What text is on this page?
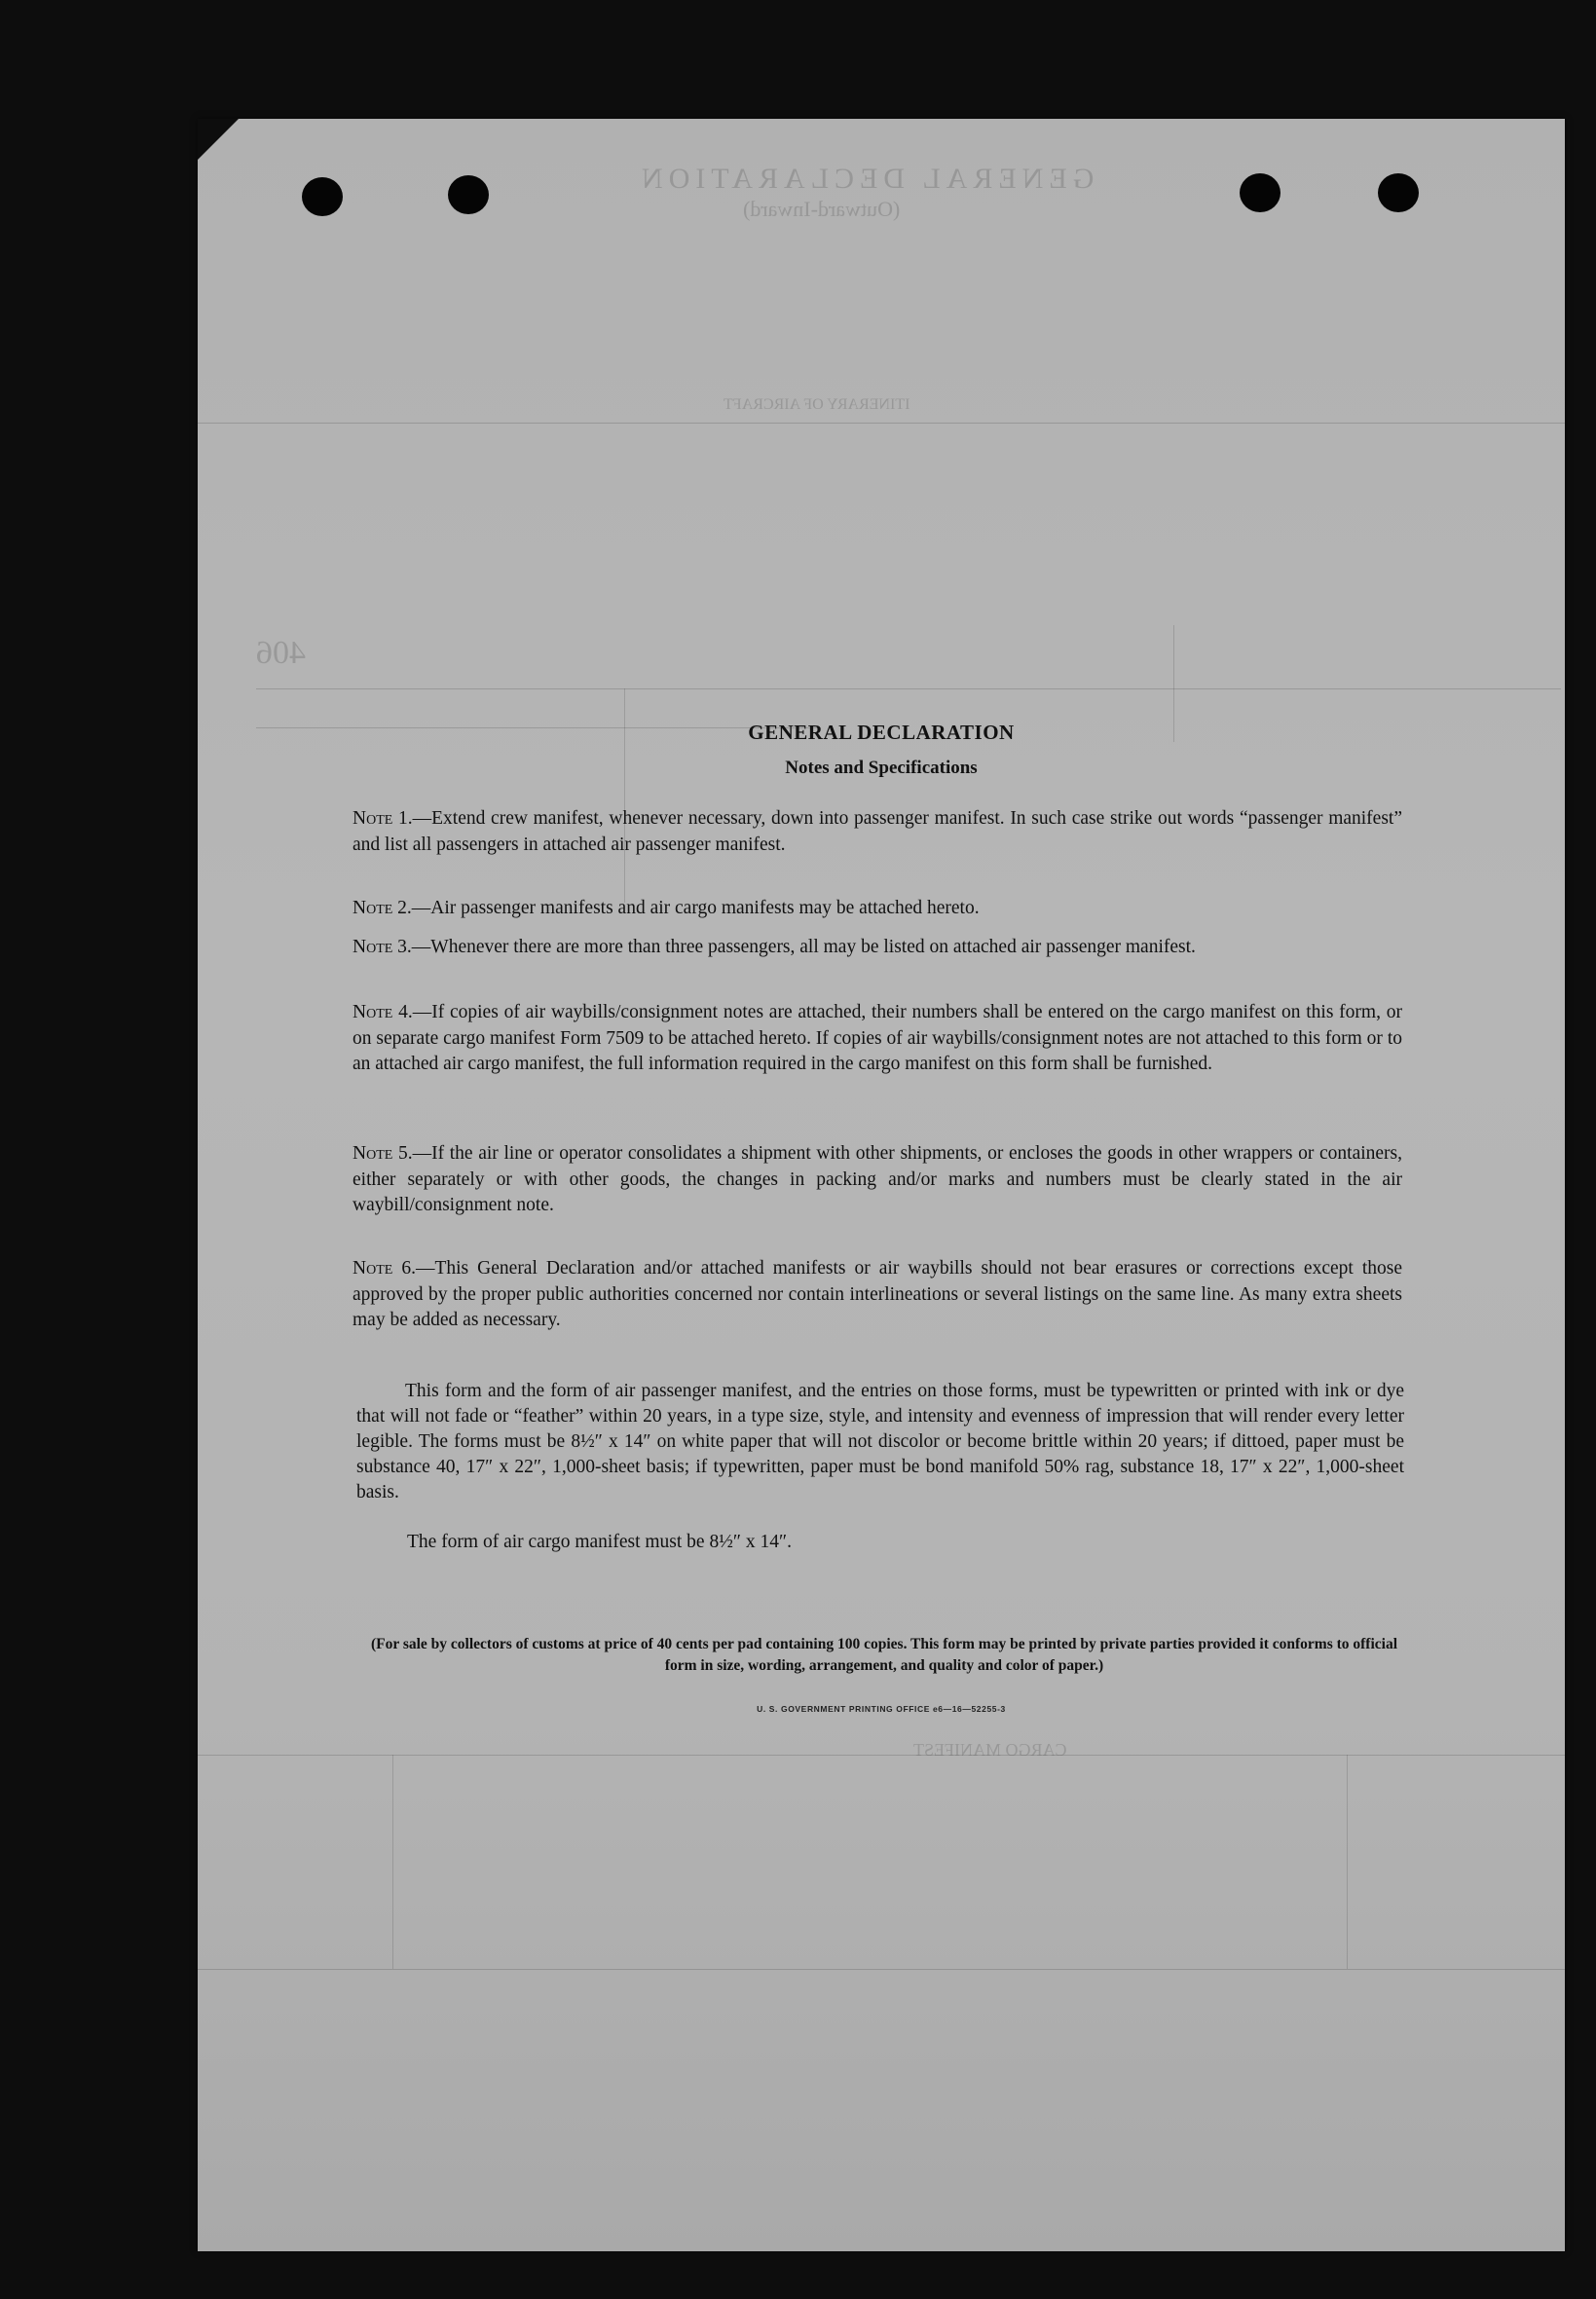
GENERAL DECLARATION
(Outward-Inward)
ITINERARY OF AIRCRAFT
406
CARGO MANIFEST
GENERAL DECLARATION
Notes and Specifications
Note 1.—Extend crew manifest, whenever necessary, down into passenger manifest. In such case strike out words “passenger manifest” and list all passengers in attached air passenger manifest.
Note 2.—Air passenger manifests and air cargo manifests may be attached hereto.
Note 3.—Whenever there are more than three passengers, all may be listed on attached air passenger manifest.
Note 4.—If copies of air waybills/consignment notes are attached, their numbers shall be entered on the cargo manifest on this form, or on separate cargo manifest Form 7509 to be attached hereto. If copies of air waybills/consignment notes are not attached to this form or to an attached air cargo manifest, the full information required in the cargo manifest on this form shall be furnished.
Note 5.—If the air line or operator consolidates a shipment with other shipments, or encloses the goods in other wrappers or containers, either separately or with other goods, the changes in packing and/or marks and numbers must be clearly stated in the air waybill/consignment note.
Note 6.—This General Declaration and/or attached manifests or air waybills should not bear erasures or corrections except those approved by the proper public authorities concerned nor contain interlineations or several listings on the same line. As many extra sheets may be added as necessary.
This form and the form of air passenger manifest, and the entries on those forms, must be typewritten or printed with ink or dye that will not fade or “feather” within 20 years, in a type size, style, and intensity and evenness of impression that will render every letter legible. The forms must be 8½″ x 14″ on white paper that will not discolor or become brittle within 20 years; if dittoed, paper must be substance 40, 17″ x 22″, 1,000-sheet basis; if typewritten, paper must be bond manifold 50% rag, substance 18, 17″ x 22″, 1,000-sheet basis.
The form of air cargo manifest must be 8½″ x 14″.
(For sale by collectors of customs at price of 40 cents per pad containing 100 copies. This form may be printed by private parties provided it conforms to official form in size, wording, arrangement, and quality and color of paper.)
U. S. GOVERNMENT PRINTING OFFICE e6—16—52255-3
